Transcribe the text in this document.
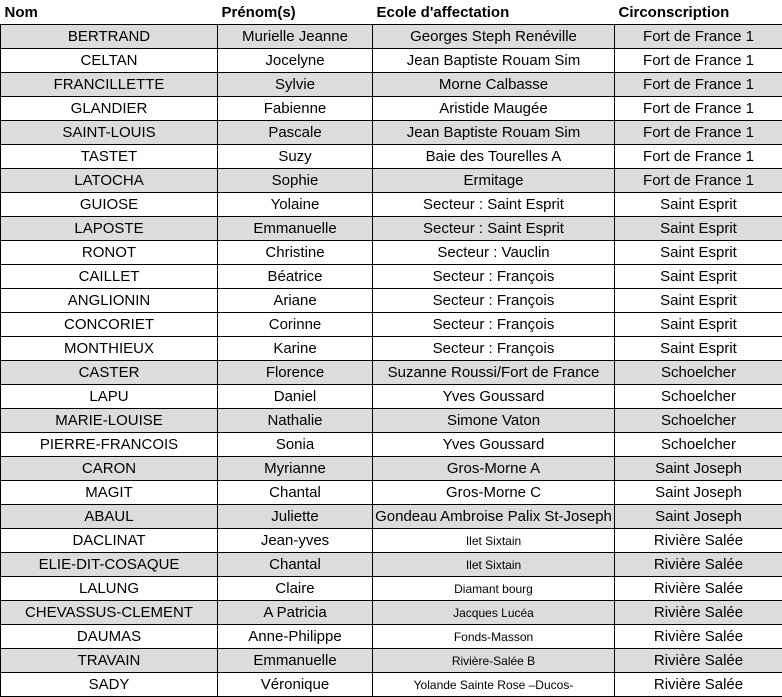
Nom	Prénom(s)	Ecole d'affectation	Circonscription
BERTRAND	Murielle Jeanne	Georges Steph Renéville	Fort de France 1
CELTAN	Jocelyne	Jean Baptiste Rouam Sim	Fort de France 1
FRANCILLETTE	Sylvie	Morne Calbasse	Fort de France 1
GLANDIER	Fabienne	Aristide Maugée	Fort de France 1
SAINT-LOUIS	Pascale	Jean Baptiste Rouam Sim	Fort de France 1
TASTET	Suzy	Baie des Tourelles A	Fort de France 1
LATOCHA	Sophie	Ermitage	Fort de France 1
GUIOSE	Yolaine	Secteur : Saint Esprit	Saint Esprit
LAPOSTE	Emmanuelle	Secteur : Saint Esprit	Saint Esprit
RONOT	Christine	Secteur : Vauclin	Saint Esprit
CAILLET	Béatrice	Secteur : François	Saint Esprit
ANGLIONIN	Ariane	Secteur : François	Saint Esprit
CONCORIET	Corinne	Secteur : François	Saint Esprit
MONTHIEUX	Karine	Secteur : François	Saint Esprit
CASTER	Florence	Suzanne Roussi/Fort de France	Schoelcher
LAPU	Daniel	Yves Goussard	Schoelcher
MARIE-LOUISE	Nathalie	Simone Vaton	Schoelcher
PIERRE-FRANCOIS	Sonia	Yves Goussard	Schoelcher
CARON	Myrianne	Gros-Morne A	Saint Joseph
MAGIT	Chantal	Gros-Morne C	Saint Joseph
ABAUL	Juliette	Gondeau Ambroise Palix St-Joseph	Saint Joseph
DACLINAT	Jean-yves	Ilet Sixtain	Rivière Salée
ELIE-DIT-COSAQUE	Chantal	Ilet Sixtain	Rivière Salée
LALUNG	Claire	Diamant bourg	Rivière Salée
CHEVASSUS-CLEMENT	A Patricia	Jacques Lucéa	Rivière Salée
DAUMAS	Anne-Philippe	Fonds-Masson	Rivière Salée
TRAVAIN	Emmanuelle	Rivière-Salée B	Rivière Salée
SADY	Véronique	Yolande Sainte Rose –Ducos-	Rivière Salée
